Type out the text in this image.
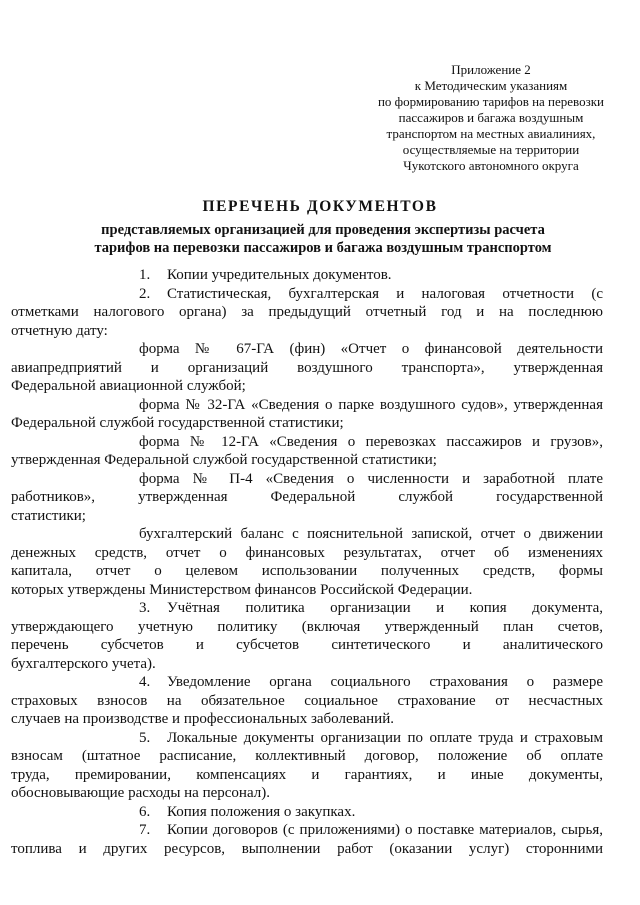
Приложение 2
к Методическим указаниям
по формированию тарифов на перевозки
пассажиров и багажа воздушным
транспортом на местных авиалиниях,
осуществляемые на территории
Чукотского автономного округа
ПЕРЕЧЕНЬ ДОКУМЕНТОВ
представляемых организацией для проведения экспертизы расчета
тарифов на перевозки пассажиров и багажа воздушным транспортом
1. Копии учредительных документов.
2. Статистическая, бухгалтерская и налоговая отчетности (с
отметками налогового органа) за предыдущий отчетный год и на последнюю
отчетную дату:
форма № 67-ГА (фин) «Отчет о финансовой деятельности
авиапредприятий и организаций воздушного транспорта», утвержденная
Федеральной авиационной службой;
форма № 32-ГА «Сведения о парке воздушного судов», утвержденная
Федеральной службой государственной статистики;
форма № 12-ГА «Сведения о перевозках пассажиров и грузов»,
утвержденная Федеральной службой государственной статистики;
форма № П-4 «Сведения о численности и заработной плате
работников», утвержденная Федеральной службой государственной
статистики;
бухгалтерский баланс с пояснительной запиской, отчет о движении
денежных средств, отчет о финансовых результатах, отчет об изменениях
капитала, отчет о целевом использовании полученных средств, формы
которых утверждены Министерством финансов Российской Федерации.
3. Учётная политика организации и копия документа,
утверждающего учетную политику (включая утвержденный план счетов,
перечень субсчетов и субсчетов синтетического и аналитического
бухгалтерского учета).
4. Уведомление органа социального страхования о размере
страховых взносов на обязательное социальное страхование от несчастных
случаев на производстве и профессиональных заболеваний.
5. Локальные документы организации по оплате труда и страховым
взносам (штатное расписание, коллективный договор, положение об оплате
труда, премировании, компенсациях и гарантиях, и иные документы,
обосновывающие расходы на персонал).
6. Копия положения о закупках.
7. Копии договоров (с приложениями) о поставке материалов, сырья,
топлива и других ресурсов, выполнении работ (оказании услуг) сторонними
